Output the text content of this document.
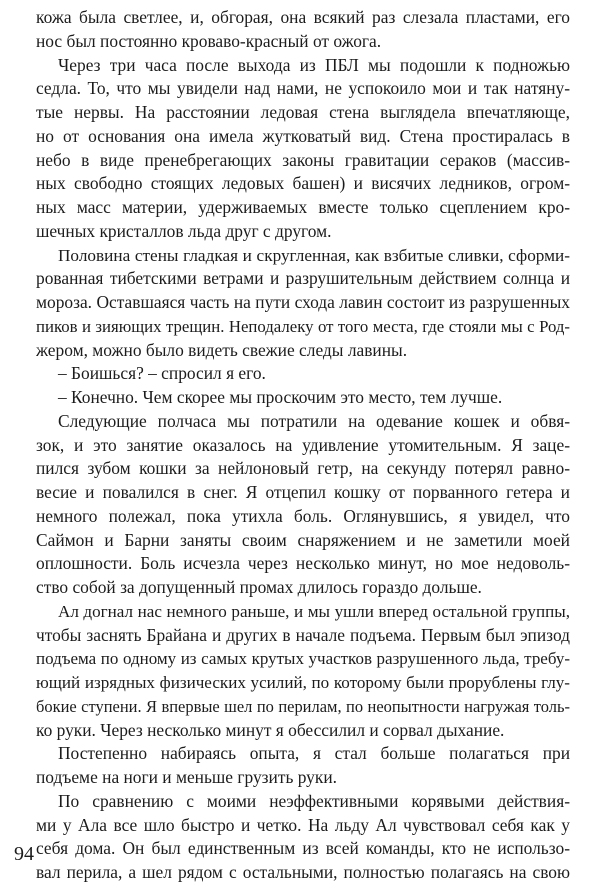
кожа была светлее, и, обгорая, она всякий раз слезала пластами, его
нос был постоянно кроваво-красный от ожога.
Через три часа после выхода из ПБЛ мы подошли к подножью
седла. То, что мы увидели над нами, не успокоило мои и так натяну-
тые нервы. На расстоянии ледовая стена выглядела впечатляюще,
но от основания она имела жутковатый вид. Стена простиралась в
небо в виде пренебрегающих законы гравитации сераков (массив-
ных свободно стоящих ледовых башен) и висячих ледников, огром-
ных масс материи, удерживаемых вместе только сцеплением кро-
шечных кристаллов льда друг с другом.
Половина стены гладкая и скругленная, как взбитые сливки, сформи-
рованная тибетскими ветрами и разрушительным действием солнца и
мороза. Оставшаяся часть на пути схода лавин состоит из разрушенных
пиков и зияющих трещин. Неподалеку от того места, где стояли мы с Род-
жером, можно было видеть свежие следы лавины.
– Боишься? – спросил я его.
– Конечно. Чем скорее мы проскочим это место, тем лучше.
Следующие полчаса мы потратили на одевание кошек и обвя-
зок, и это занятие оказалось на удивление утомительным. Я заце-
пился зубом кошки за нейлоновый гетр, на секунду потерял равно-
весие и повалился в снег. Я отцепил кошку от порванного гетера и
немного полежал, пока утихла боль. Оглянувшись, я увидел, что
Саймон и Барни заняты своим снаряжением и не заметили моей
оплошности. Боль исчезла через несколько минут, но мое недоволь-
ство собой за допущенный промах длилось гораздо дольше.
Ал догнал нас немного раньше, и мы ушли вперед остальной группы,
чтобы заснять Брайана и других в начале подъема. Первым был эпизод
подъема по одному из самых крутых участков разрушенного льда, требу-
ющий изрядных физических усилий, по которому были прорублены глу-
бокие ступени. Я впервые шел по перилам, по неопытности нагружая толь-
ко руки. Через несколько минут я обессилил и сорвал дыхание.
Постепенно набираясь опыта, я стал больше полагаться при
подъеме на ноги и меньше грузить руки.
По сравнению с моими неэффективными корявыми действия-
ми у Ала все шло быстро и четко. На льду Ал чувствовал себя как у
себя дома. Он был единственным из всей команды, кто не использо-
вал перила, а шел рядом с остальными, полностью полагаясь на свою
94
